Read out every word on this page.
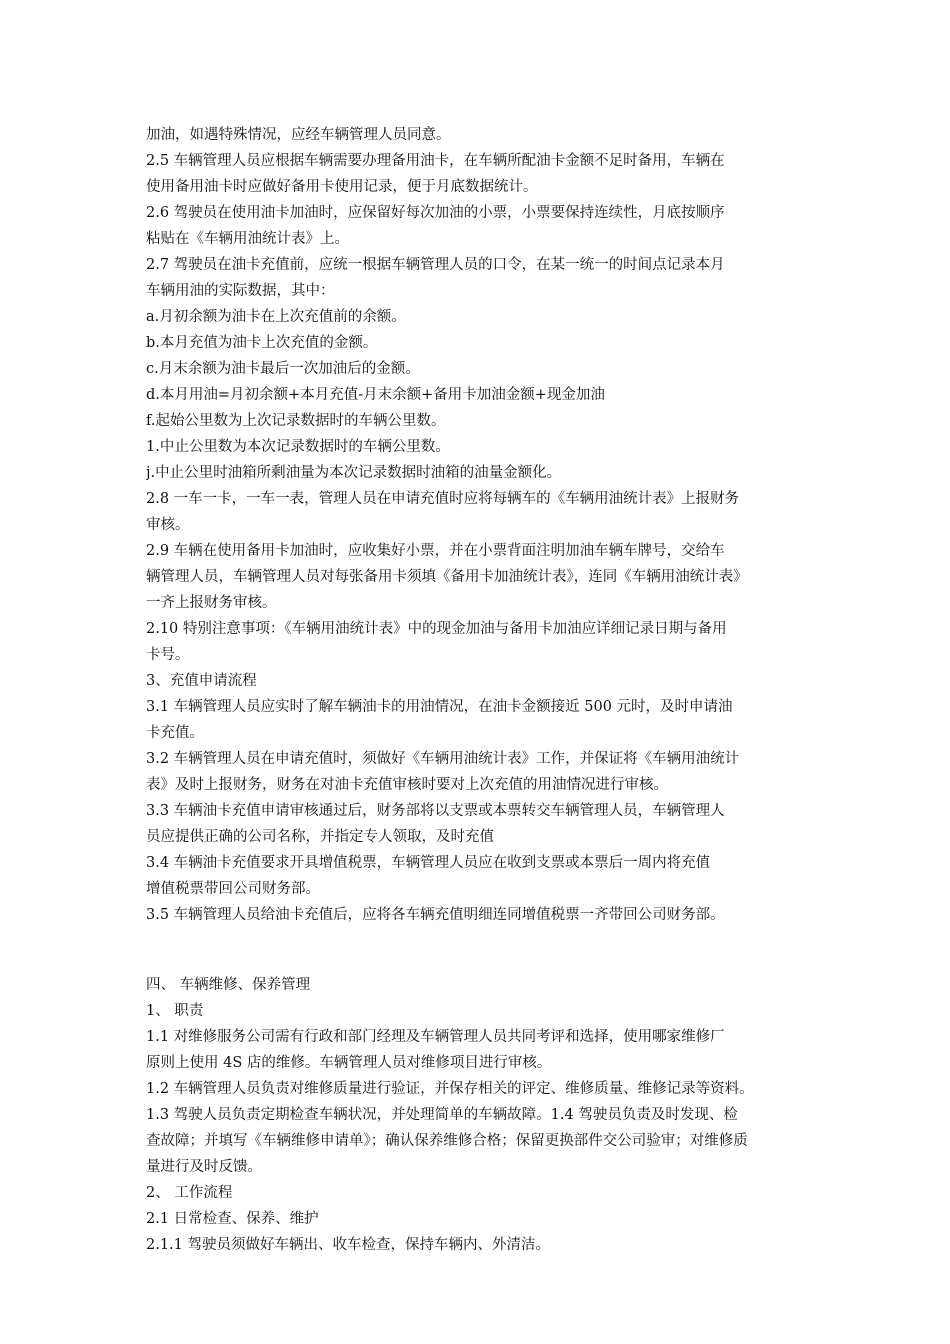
加油，如遇特殊情况，应经车辆管理人员同意。
2.5 车辆管理人员应根据车辆需要办理备用油卡，在车辆所配油卡金额不足时备用，车辆在
使用备用油卡时应做好备用卡使用记录，便于月底数据统计。
2.6 驾驶员在使用油卡加油时，应保留好每次加油的小票，小票要保持连续性，月底按顺序
粘贴在《车辆用油统计表》上。
2.7 驾驶员在油卡充值前，应统一根据车辆管理人员的口令，在某一统一的时间点记录本月
车辆用油的实际数据，其中：
a.月初余额为油卡在上次充值前的余额。
b.本月充值为油卡上次充值的金额。
c.月末余额为油卡最后一次加油后的金额。
d.本月用油=月初余额+本月充值-月末余额+备用卡加油金额+现金加油
f.起始公里数为上次记录数据时的车辆公里数。
1.中止公里数为本次记录数据时的车辆公里数。
j.中止公里时油箱所剩油量为本次记录数据时油箱的油量金额化。
2.8 一车一卡，一车一表，管理人员在申请充值时应将每辆车的《车辆用油统计表》上报财务
审核。
2.9 车辆在使用备用卡加油时，应收集好小票，并在小票背面注明加油车辆车牌号，交给车
辆管理人员，车辆管理人员对每张备用卡须填《备用卡加油统计表》，连同《车辆用油统计表》
一齐上报财务审核。
2.10 特别注意事项：《车辆用油统计表》中的现金加油与备用卡加油应详细记录日期与备用
卡号。
3、充值申请流程
3.1 车辆管理人员应实时了解车辆油卡的用油情况，在油卡金额接近 500 元时，及时申请油
卡充值。
3.2 车辆管理人员在申请充值时，须做好《车辆用油统计表》工作，并保证将《车辆用油统计
表》及时上报财务，财务在对油卡充值审核时要对上次充值的用油情况进行审核。
3.3 车辆油卡充值申请审核通过后，财务部将以支票或本票转交车辆管理人员，车辆管理人
员应提供正确的公司名称，并指定专人领取，及时充值
3.4 车辆油卡充值要求开具增值税票，车辆管理人员应在收到支票或本票后一周内将充值
增值税票带回公司财务部。
3.5 车辆管理人员给油卡充值后，应将各车辆充值明细连同增值税票一齐带回公司财务部。
四、 车辆维修、保养管理
1、 职责
1.1 对维修服务公司需有行政和部门经理及车辆管理人员共同考评和选择，使用哪家维修厂
原则上使用 4S 店的维修。车辆管理人员对维修项目进行审核。
1.2 车辆管理人员负责对维修质量进行验证，并保存相关的评定、维修质量、维修记录等资料。
1.3 驾驶人员负责定期检查车辆状况，并处理简单的车辆故障。1.4 驾驶员负责及时发现、检
查故障；并填写《车辆维修申请单》；确认保养维修合格；保留更换部件交公司验审；对维修质
量进行及时反馈。
2、 工作流程
2.1 日常检查、保养、维护
2.1.1 驾驶员须做好车辆出、收车检查，保持车辆内、外清洁。
